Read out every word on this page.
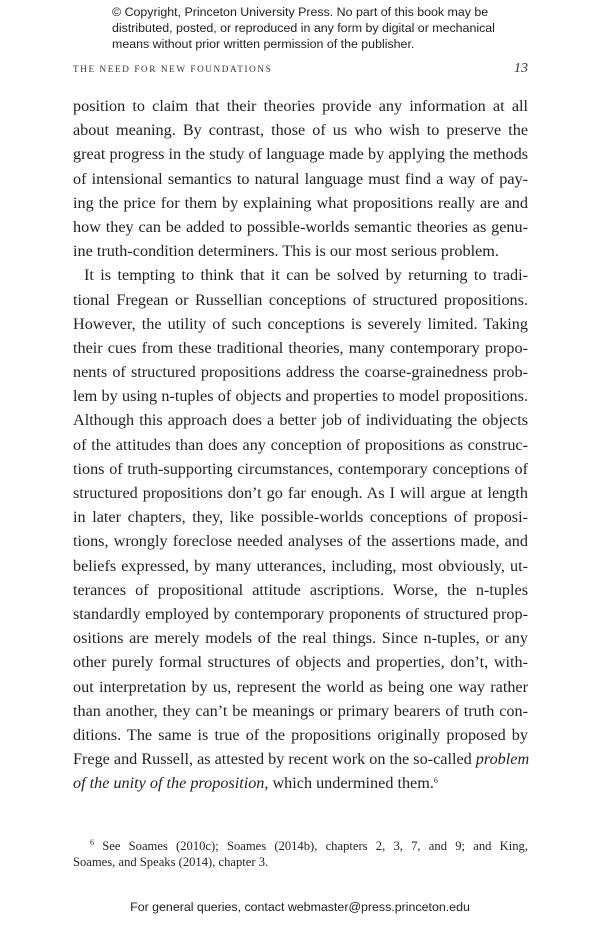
© Copyright, Princeton University Press. No part of this book may be
distributed, posted, or reproduced in any form by digital or mechanical
means without prior written permission of the publisher.
THE NEED FOR NEW FOUNDATIONS	13
position to claim that their theories provide any information at all
about meaning. By contrast, those of us who wish to preserve the
great progress in the study of language made by applying the methods
of intensional semantics to natural language must find a way of pay-
ing the price for them by explaining what propositions really are and
how they can be added to possible-worlds semantic theories as genu-
ine truth-condition determiners. This is our most serious problem.
It is tempting to think that it can be solved by returning to tradi-
tional Fregean or Russellian conceptions of structured propositions.
However, the utility of such conceptions is severely limited. Taking
their cues from these traditional theories, many contemporary propo-
nents of structured propositions address the coarse-grainedness prob-
lem by using n-tuples of objects and properties to model propositions.
Although this approach does a better job of individuating the objects
of the attitudes than does any conception of propositions as construc-
tions of truth-supporting circumstances, contemporary conceptions of
structured propositions don’t go far enough. As I will argue at length
in later chapters, they, like possible-worlds conceptions of proposi-
tions, wrongly foreclose needed analyses of the assertions made, and
beliefs expressed, by many utterances, including, most obviously, ut-
terances of propositional attitude ascriptions. Worse, the n-tuples
standardly employed by contemporary proponents of structured prop-
ositions are merely models of the real things. Since n-tuples, or any
other purely formal structures of objects and properties, don’t, with-
out interpretation by us, represent the world as being one way rather
than another, they can’t be meanings or primary bearers of truth con-
ditions. The same is true of the propositions originally proposed by
Frege and Russell, as attested by recent work on the so-called problem
of the unity of the proposition, which undermined them.$^6$
$^6$ See Soames (2010c); Soames (2014b), chapters 2, 3, 7, and 9; and King,
Soames, and Speaks (2014), chapter 3.
For general queries, contact webmaster@press.princeton.edu
